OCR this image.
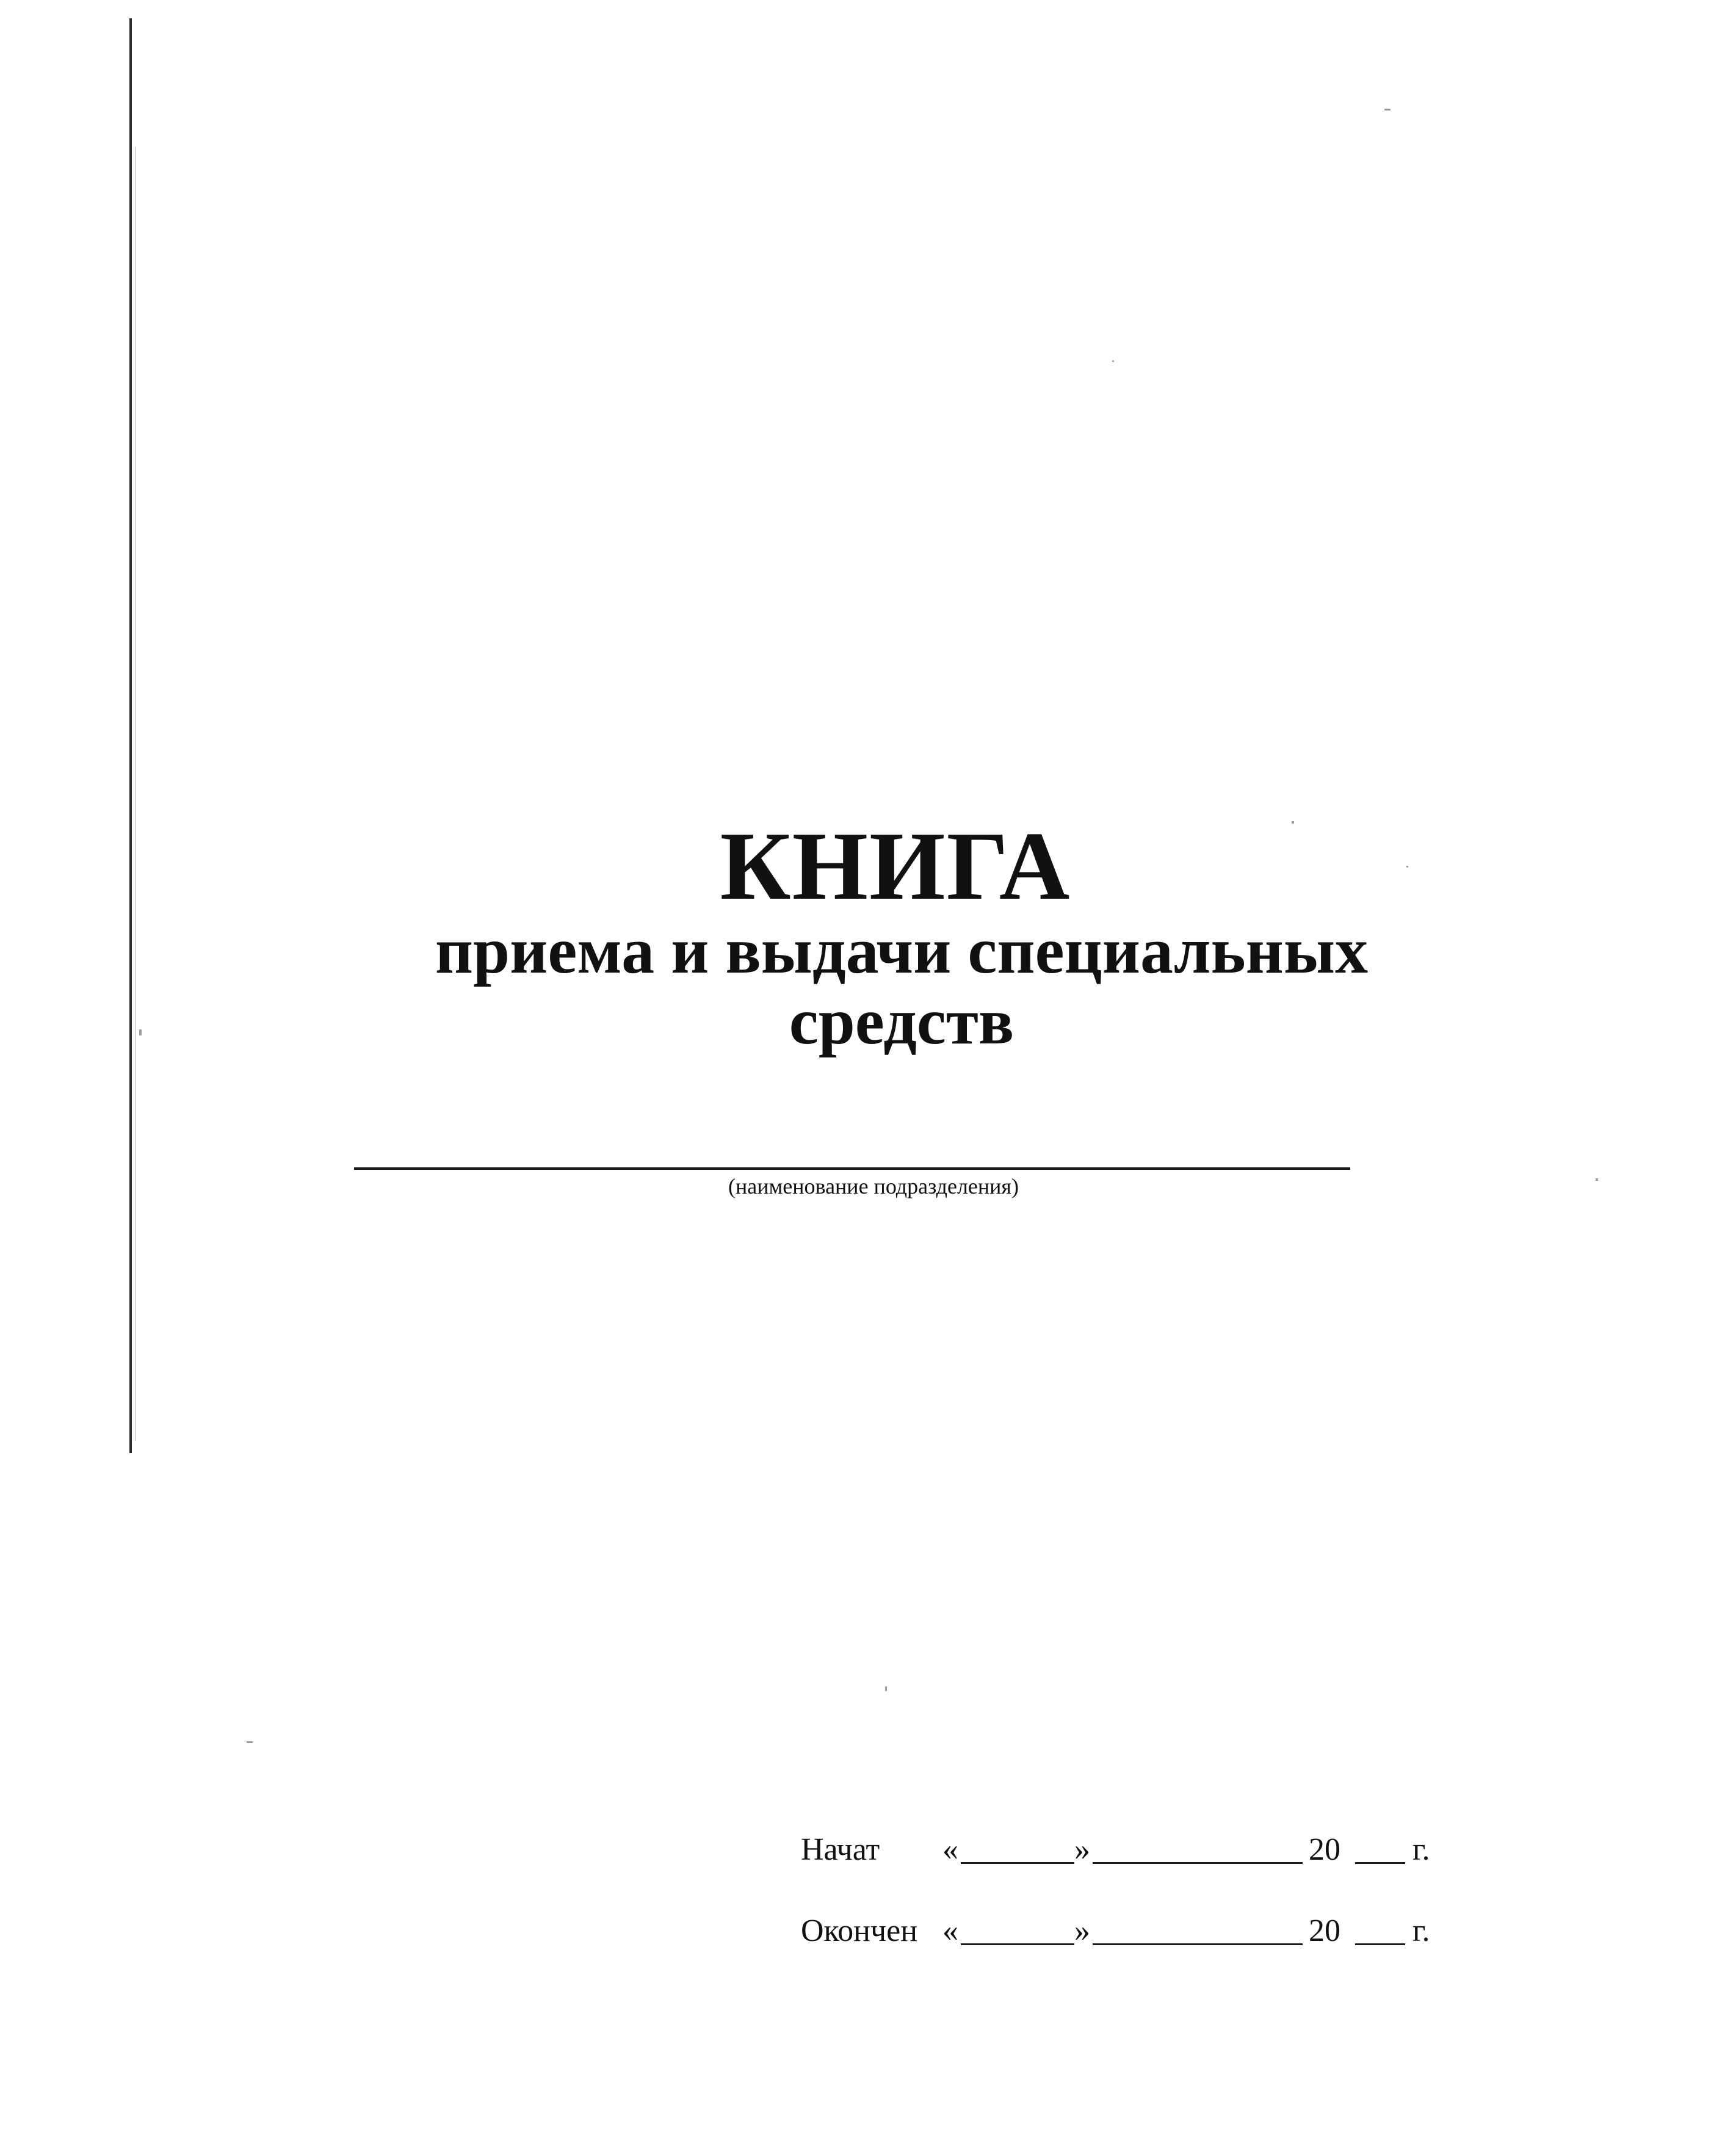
КНИГА
приема и выдачи специальных
средств
(наименование подразделения)
Начат «	»	20 г.
Окончен «	»	20 г.
